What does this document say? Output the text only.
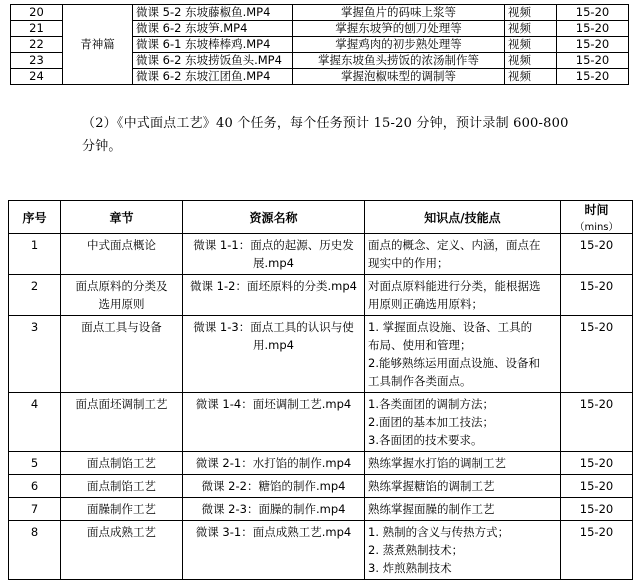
20	青神篇	微课 5-2 东坡藤椒鱼.MP4	掌握鱼片的码味上浆等	视频	15-20
21		微课 6-2 东坡笋.MP4	掌握东坡笋的刨刀处理等	视频	15-20
22		微课 6-1 东坡棒棒鸡.MP4	掌握鸡肉的初步熟处理等	视频	15-20
23		微课 6-2 东坡捞饭鱼头.MP4	掌握东坡鱼头捞饭的浓汤制作等	视频	15-20
24		微课 6-2 东坡江团鱼.MP4	掌握泡椒味型的调制等	视频	15-20
（2）《中式面点工艺》40 个任务，每个任务预计 15-20 分钟，预计录制 600-800
分钟。
序号	章节	资源名称	知识点/技能点	时间（mins）
1	中式面点概论	微课 1-1：面点的起源、历史发
展.mp4	面点的概念、定义、内涵，面点在
现实中的作用；	15-20
2	面点原料的分类及
选用原则	微课 1-2：面坯原料的分类.mp4	对面点原料能进行分类，能根据选
用原则正确选用原料；	15-20
3	面点工具与设备	微课 1-3：面点工具的认识与使
用.mp4	1. 掌握面点设施、设备、工具的
布局、使用和管理；
2.能够熟练运用面点设施、设备和
工具制作各类面点。	15-20
4	面点面坯调制工艺	微课 1-4：面坯调制工艺.mp4	1.各类面团的调制方法；
2.面团的基本加工技法；
3.各面团的技术要求。	15-20
5	面点制馅工艺	微课 2-1：水打馅的制作.mp4	熟练掌握水打馅的调制工艺	15-20
6	面点制馅工艺	微课 2-2：糖馅的制作.mp4	熟练掌握糖馅的调制工艺	15-20
7	面臊制作工艺	微课 2-3：面臊的制作.mp4	熟练掌握面臊的制作工艺	15-20
8	面点成熟工艺	微课 3-1：面点成熟工艺.mp4	1. 熟制的含义与传热方式；
2. 蒸煮熟制技术；
3. 炸煎熟制技术	15-20
